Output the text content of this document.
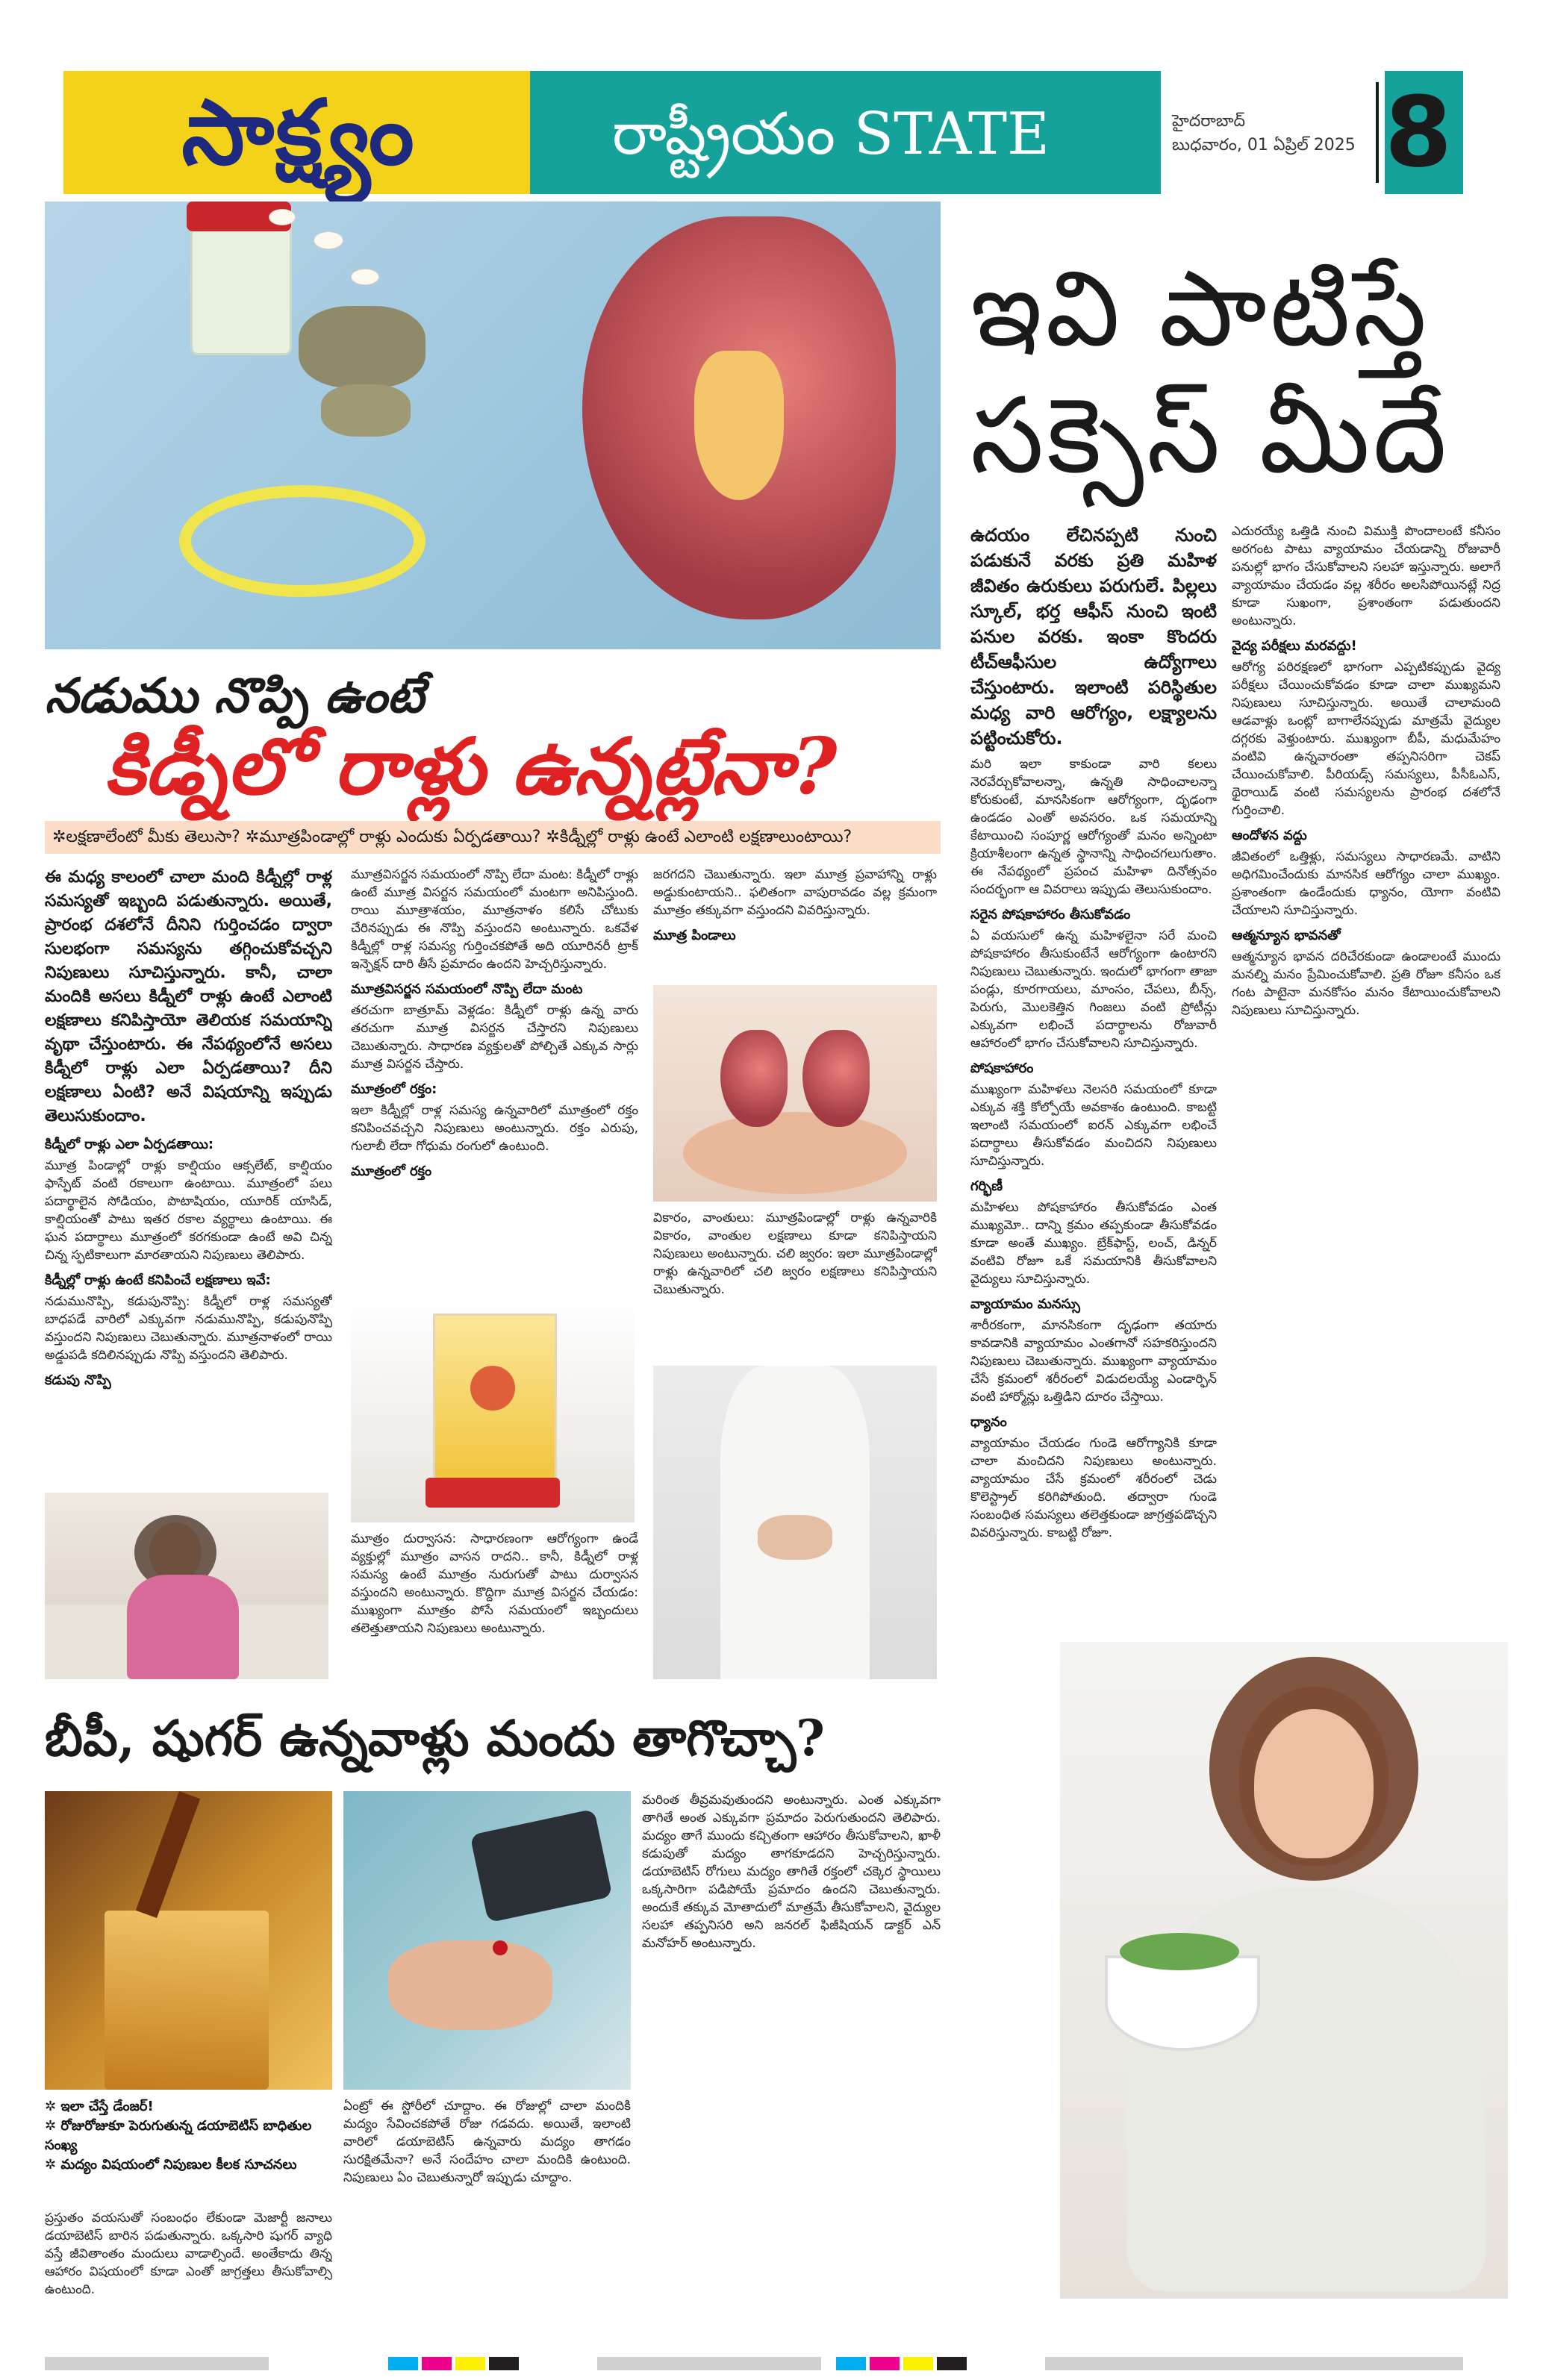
సాక్ష్యం	రాష్ట్రీయం STATE	హైదరాబాద్
బుధవారం, 01 ఏప్రిల్ 2025 8
ఇవి పాటిస్తే
సక్సెస్ మీదే

ఉదయం లేచినప్పటి నుంచి పడుకునే వరకు ప్రతి మహిళ జీవితం ఉరుకులు పరుగులే. పిల్లలు స్కూల్, భర్త ఆఫీస్ నుంచి ఇంటి పనుల వరకు. ఇంకా కొందరు టీచ్ఆఫీసుల ఉద్యోగాలు చేస్తుంటారు. ఇలాంటి పరిస్థితుల మధ్య వారి ఆరోగ్యం, లక్ష్యాలను పట్టించుకోరు.

మరి ఇలా కాకుండా వారి కలలు నెరవేర్చుకోవాలన్నా, ఉన్నతి సాధించాలన్నా కోరుకుంటే, మానసికంగా ఆరోగ్యంగా, దృఢంగా ఉండడం ఎంతో అవసరం. ఒక సమయాన్ని కేటాయించి సంపూర్ణ ఆరోగ్యంతో మనం అన్నింటా క్రియాశీలంగా ఉన్నత స్థానాన్ని సాధించగలుగుతాం. ఈ నేపథ్యంలో ప్రపంచ మహిళా దినోత్సవం సందర్భంగా ఆ వివరాలు ఇప్పుడు తెలుసుకుందాం.

సరైన పోషకాహారం తీసుకోవడం

ఏ వయసులో ఉన్న మహిళలైనా సరే మంచి పోషకాహారం తీసుకుంటేనే ఆరోగ్యంగా ఉంటారని నిపుణులు చెబుతున్నారు. ఇందులో భాగంగా తాజా పండ్లు, కూరగాయలు, మాంసం, చేపలు, బీన్స్, పెరుగు, మొలకెత్తిన గింజలు వంటి ప్రోటీన్లు ఎక్కువగా లభించే పదార్థాలను రోజువారీ ఆహారంలో భాగం చేసుకోవాలని సూచిస్తున్నారు.

పోషకాహారం

ముఖ్యంగా మహిళలు నెలసరి సమయంలో కూడా ఎక్కువ శక్తి కోల్పోయే అవకాశం ఉంటుంది. కాబట్టి ఇలాంటి సమయంలో ఐరన్ ఎక్కువగా లభించే పదార్థాలు తీసుకోవడం మంచిదని నిపుణులు సూచిస్తున్నారు.

గర్భిణీ

మహిళలు పోషకాహారం తీసుకోవడం ఎంత ముఖ్యమో.. దాన్ని క్రమం తప్పకుండా తీసుకోవడం కూడా అంతే ముఖ్యం. బ్రేక్‌ఫాస్ట్, లంచ్, డిన్నర్ వంటివి రోజూ ఒకే సమయానికి తీసుకోవాలని వైద్యులు సూచిస్తున్నారు.

వ్యాయామం మనస్సు

శారీరకంగా, మానసికంగా దృఢంగా తయారు కావడానికి వ్యాయామం ఎంతగానో సహకరిస్తుందని నిపుణులు చెబుతున్నారు. ముఖ్యంగా వ్యాయామం చేసే క్రమంలో శరీరంలో విడుదలయ్యే ఎండార్ఫిన్ వంటి హార్మోన్లు ఒత్తిడిని దూరం చేస్తాయి.

ధ్యానం

వ్యాయామం చేయడం గుండె ఆరోగ్యానికి కూడా చాలా మంచిదని నిపుణులు అంటున్నారు. వ్యాయామం చేసే క్రమంలో శరీరంలో చెడు కొలెస్ట్రాల్ కరిగిపోతుంది. తద్వారా గుండె సంబంధిత సమస్యలు తలెత్తకుండా జాగ్రత్తపడొచ్చని వివరిస్తున్నారు. కాబట్టి రోజూ.

ఎదురయ్యే ఒత్తిడి నుంచి విముక్తి పొందాలంటే కనీసం అరగంట పాటు వ్యాయామం చేయడాన్ని రోజువారీ పనుల్లో భాగం చేసుకోవాలని సలహా ఇస్తున్నారు. అలాగే వ్యాయామం చేయడం వల్ల శరీరం అలసిపోయినట్లే నిద్ర కూడా సుఖంగా, ప్రశాంతంగా పడుతుందని అంటున్నారు.

వైద్య పరీక్షలు మరవద్దు!

ఆరోగ్య పరిరక్షణలో భాగంగా ఎప్పటికప్పుడు వైద్య పరీక్షలు చేయించుకోవడం కూడా చాలా ముఖ్యమని నిపుణులు సూచిస్తున్నారు. అయితే చాలామంది ఆడవాళ్లు ఒంట్లో బాగాలేనప్పుడు మాత్రమే వైద్యుల దగ్గరకు వెళ్తుంటారు. ముఖ్యంగా బీపీ, మధుమేహం వంటివి ఉన్నవారంతా తప్పనిసరిగా చెకప్ చేయించుకోవాలి. పీరియడ్స్ సమస్యలు, పీసీఓఎస్, థైరాయిడ్ వంటి సమస్యలను ప్రారంభ దశలోనే గుర్తించాలి.

ఆందోళన వద్దు

జీవితంలో ఒత్తిళ్లు, సమస్యలు సాధారణమే. వాటిని అధిగమించేందుకు మానసిక ఆరోగ్యం చాలా ముఖ్యం. ప్రశాంతంగా ఉండేందుకు ధ్యానం, యోగా వంటివి చేయాలని సూచిస్తున్నారు.

ఆత్మన్యూన భావనతో

ఆత్మన్యూన భావన దరిచేరకుండా ఉండాలంటే ముందు మనల్ని మనం ప్రేమించుకోవాలి. ప్రతి రోజూ కనీసం ఒక గంట పాటైనా మనకోసం మనం కేటాయించుకోవాలని నిపుణులు సూచిస్తున్నారు.

నడుము నొప్పి ఉంటే
కిడ్నీలో రాళ్లు ఉన్నట్లేనా?
✲లక్షణాలేంటో మీకు తెలుసా? ✲మూత్రపిండాల్లో రాళ్లు ఎందుకు ఏర్పడతాయి? ✲కిడ్నీల్లో రాళ్లు ఉంటే ఎలాంటి లక్షణాలుంటాయి?

ఈ మధ్య కాలంలో చాలా మంది కిడ్నీల్లో రాళ్ల సమస్యతో ఇబ్బంది పడుతున్నారు. అయితే, ప్రారంభ దశలోనే దీనిని గుర్తించడం ద్వారా సులభంగా సమస్యను తగ్గించుకోవచ్చని నిపుణులు సూచిస్తున్నారు. కానీ, చాలా మందికి అసలు కిడ్నీలో రాళ్లు ఉంటే ఎలాంటి లక్షణాలు కనిపిస్తాయో తెలియక సమయాన్ని వృథా చేస్తుంటారు. ఈ నేపథ్యంలోనే అసలు కిడ్నీలో రాళ్లు ఎలా ఏర్పడతాయి? దీని లక్షణాలు ఏంటి? అనే విషయాన్ని ఇప్పుడు తెలుసుకుందాం.

కిడ్నీలో రాళ్లు ఎలా ఏర్పడతాయి:

మూత్ర పిండాల్లో రాళ్లు కాల్షియం ఆక్సలేట్, కాల్షియం ఫాస్ఫేట్ వంటి రకాలుగా ఉంటాయి. మూత్రంలో పలు పదార్థాలైన సోడియం, పొటాషియం, యూరిక్ యాసిడ్, కాల్షియంతో పాటు ఇతర రకాల వ్యర్థాలు ఉంటాయి. ఈ ఘన పదార్థాలు మూత్రంలో కరగకుండా ఉంటే అవి చిన్న చిన్న స్ఫటికాలుగా మారతాయని నిపుణులు తెలిపారు.

కిడ్నీల్లో రాళ్లు ఉంటే కనిపించే లక్షణాలు ఇవే:

నడుమునొప్పి, కడుపునొప్పి: కిడ్నీలో రాళ్ల సమస్యతో బాధపడే వారిలో ఎక్కువగా నడుమునొప్పి, కడుపునొప్పి వస్తుందని నిపుణులు చెబుతున్నారు. మూత్రనాళంలో రాయి అడ్డుపడి కదిలినప్పుడు నొప్పి వస్తుందని తెలిపారు.

కడుపు నొప్పి

మూత్రవిసర్జన సమయంలో నొప్పి లేదా మంట: కిడ్నీలో రాళ్లు ఉంటే మూత్ర విసర్జన సమయంలో మంటగా అనిపిస్తుంది. రాయి మూత్రాశయం, మూత్రనాళం కలిసే చోటుకు చేరినప్పుడు ఈ నొప్పి వస్తుందని అంటున్నారు. ఒకవేళ కిడ్నీల్లో రాళ్ల సమస్య గుర్తించకపోతే అది యూరినరీ ట్రాక్ ఇన్ఫెక్షన్ దారి తీసే ప్రమాదం ఉందని హెచ్చరిస్తున్నారు.

మూత్రవిసర్జన సమయంలో నొప్పి లేదా మంట

తరచుగా బాత్రూమ్ వెళ్లడం: కిడ్నీలో రాళ్లు ఉన్న వారు తరచుగా మూత్ర విసర్జన చేస్తారని నిపుణులు చెబుతున్నారు. సాధారణ వ్యక్తులతో పోల్చితే ఎక్కువ సార్లు మూత్ర విసర్జన చేస్తారు.

మూత్రంలో రక్తం:

ఇలా కిడ్నీల్లో రాళ్ల సమస్య ఉన్నవారిలో మూత్రంలో రక్తం కనిపించవచ్చని నిపుణులు అంటున్నారు. రక్తం ఎరుపు, గులాబీ లేదా గోధుమ రంగులో ఉంటుంది.

మూత్రంలో రక్తం

మూత్రం దుర్వాసన: సాధారణంగా ఆరోగ్యంగా ఉండే వ్యక్తుల్లో మూత్రం వాసన రాదని.. కానీ, కిడ్నీలో రాళ్ల సమస్య ఉంటే మూత్రం నురుగుతో పాటు దుర్వాసన వస్తుందని అంటున్నారు. కొద్దిగా మూత్ర విసర్జన చేయడం: ముఖ్యంగా మూత్రం పోసే సమయంలో ఇబ్బందులు తలెత్తుతాయని నిపుణులు అంటున్నారు.

జరగదని చెబుతున్నారు. ఇలా మూత్ర ప్రవాహాన్ని రాళ్లు అడ్డుకుంటాయని.. ఫలితంగా వాపురావడం వల్ల క్రమంగా మూత్రం తక్కువగా వస్తుందని వివరిస్తున్నారు.

మూత్ర పిండాలు

వికారం, వాంతులు: మూత్రపిండాల్లో రాళ్లు ఉన్నవారికి వికారం, వాంతుల లక్షణాలు కూడా కనిపిస్తాయని నిపుణులు అంటున్నారు. చలి జ్వరం: ఇలా మూత్రపిండాల్లో రాళ్లు ఉన్నవారిలో చలి జ్వరం లక్షణాలు కనిపిస్తాయని చెబుతున్నారు.

బీపీ, షుగర్ ఉన్నవాళ్లు మందు తాగొచ్చా?
✲ ఇలా చేస్తే డేంజర్!
✲ రోజురోజుకూ పెరుగుతున్న డయాబెటిస్ బాధితుల సంఖ్య
✲ మద్యం విషయంలో నిపుణుల కీలక సూచనలు

ప్రస్తుతం వయసుతో సంబంధం లేకుండా మెజార్టీ జనాలు డయాబెటిస్ బారిన పడుతున్నారు. ఒక్కసారి షుగర్ వ్యాధి వస్తే జీవితాంతం మందులు వాడాల్సిందే. అంతేకాదు తిన్న ఆహారం విషయంలో కూడా ఎంతో జాగ్రత్తలు తీసుకోవాల్సి ఉంటుంది.

ఏంట్రో ఈ స్టోరీలో చూద్దాం. ఈ రోజుల్లో చాలా మందికి మద్యం సేవించకపోతే రోజు గడవదు. అయితే, ఇలాంటి వారిలో డయాబెటిస్ ఉన్నవారు మద్యం తాగడం సురక్షితమేనా? అనే సందేహం చాలా మందికి ఉంటుంది. నిపుణులు ఏం చెబుతున్నారో ఇప్పుడు చూద్దాం.

మరింత తీవ్రమవుతుందని అంటున్నారు. ఎంత ఎక్కువగా తాగితే అంత ఎక్కువగా ప్రమాదం పెరుగుతుందని తెలిపారు. మద్యం తాగే ముందు కచ్చితంగా ఆహారం తీసుకోవాలని, ఖాళీ కడుపుతో మద్యం తాగకూడదని హెచ్చరిస్తున్నారు. డయాబెటిస్ రోగులు మద్యం తాగితే రక్తంలో చక్కెర స్థాయిలు ఒక్కసారిగా పడిపోయే ప్రమాదం ఉందని చెబుతున్నారు. అందుకే తక్కువ మోతాదులో మాత్రమే తీసుకోవాలని, వైద్యుల సలహా తప్పనిసరి అని జనరల్ ఫిజీషియన్ డాక్టర్ ఎన్ మనోహర్ అంటున్నారు.
